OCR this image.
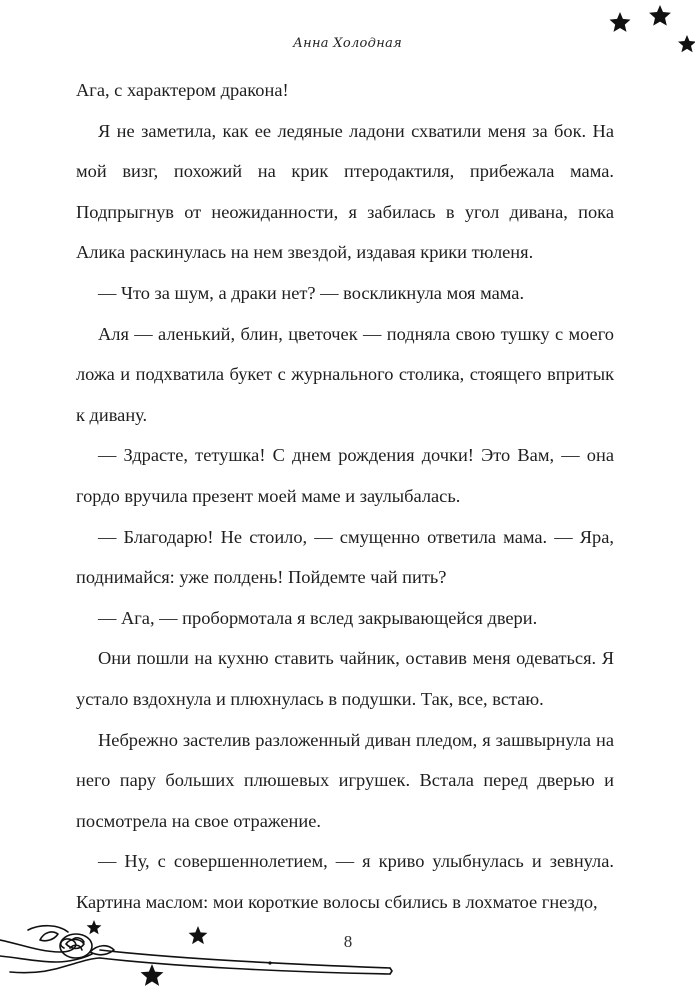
Анна Холодная

Ага, с характером дракона!

Я не заметила, как ее ледяные ладони схватили меня за бок. На мой визг, похожий на крик птеродактиля, прибежала мама. Подпрыгнув от неожиданности, я забилась в угол дивана, пока Алика раскинулась на нем звездой, издавая крики тюленя.

— Что за шум, а драки нет? — воскликнула моя мама.

Аля — аленький, блин, цветочек — подняла свою тушку с моего ложа и подхватила букет с журнального столика, стоящего впритык к дивану.

— Здрасте, тетушка! С днем рождения дочки! Это Вам, — она гордо вручила презент моей маме и заулыбалась.

— Благодарю! Не стоило, — смущенно ответила мама. — Яра, поднимайся: уже полдень! Пойдемте чай пить?

— Ага, — пробормотала я вслед закрывающейся двери.

Они пошли на кухню ставить чайник, оставив меня одеваться. Я устало вздохнула и плюхнулась в подушки. Так, все, встаю.

Небрежно застелив разложенный диван пледом, я зашвырнула на него пару больших плюшевых игрушек. Встала перед дверью и посмотрела на свое отражение.

— Ну, с совершеннолетием, — я криво улыбнулась и зевнула. Картина маслом: мои короткие волосы сбились в лохматое гнездо,

8
